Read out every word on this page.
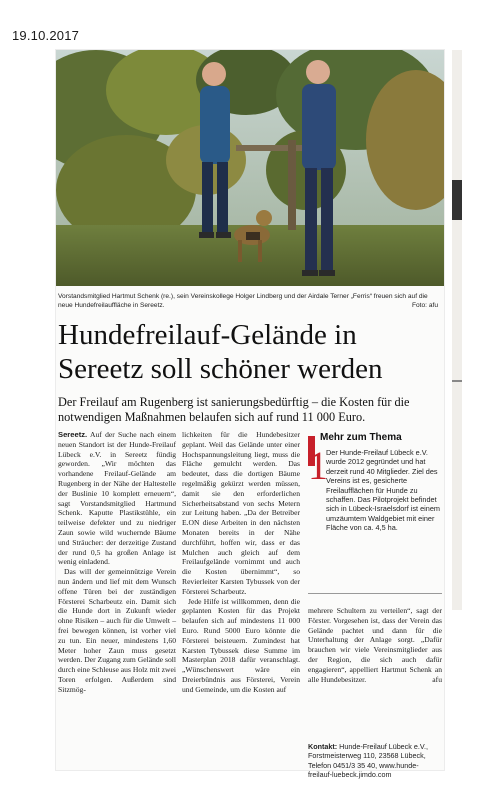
19.10.2017
Vorstandsmitglied Hartmut Schenk (re.), sein Vereinskollege Holger Lindberg und der Airdale Terner „Ferris“ freuen sich auf die neue Hundefreilauffläche in Sereetz.	Foto: afu
Hundefreilauf-Gelände in Sereetz soll schöner werden
Der Freilauf am Rugenberg ist sanierungsbedürftig – die Kosten für die notwendigen Maßnahmen belaufen sich auf rund 11 000 Euro.

Sereetz. Auf der Suche nach einem neuen Standort ist der Hunde-Freilauf Lübeck e.V. in Sereetz fündig geworden. „Wir möchten das vorhandene Freilauf-Gelände am Rugenberg in der Nähe der Haltestelle der Buslinie 10 komplett erneuern“, sagt Vorstandsmitglied Hartmund Schenk. Kaputte Plastikstühle, ein teilweise defekter und zu niedriger Zaun sowie wild wuchernde Bäume und Sträucher: der derzeitige Zustand der rund 0,5 ha großen Anlage ist wenig einladend.

Das will der gemeinnützige Verein nun ändern und lief mit dem Wunsch offene Türen bei der zuständigen Försterei Scharbeutz ein. Damit sich die Hunde dort in Zukunft wieder ohne Risiken – auch für die Umwelt – frei bewegen können, ist vorher viel zu tun. Ein neuer, mindestens 1,60 Meter hoher Zaun muss gesetzt werden. Der Zugang zum Gelände soll durch eine Schleuse aus Holz mit zwei Toren erfolgen. Außerdem sind Sitzmög-

lichkeiten für die Hundebesitzer geplant. Weil das Gelände unter einer Hochspannungsleitung liegt, muss die Fläche gemulcht werden. Das bedeutet, dass die dortigen Bäume regelmäßig gekürzt werden müssen, damit sie den erforderlichen Sicherheitsabstand von sechs Metern zur Leitung haben. „Da der Betreiber E.ON diese Arbeiten in den nächsten Monaten bereits in der Nähe durchführt, hoffen wir, dass er das Mulchen auch gleich auf dem Freilaufgelände vornimmt und auch die Kosten übernimmt“, so Revierleiter Karsten Tybussek von der Försterei Scharbeutz.

Jede Hilfe ist willkommen, denn die geplanten Kosten für das Projekt belaufen sich auf mindestens 11 000 Euro. Rund 5000 Euro könnte die Försterei beisteuern. Zumindest hat Karsten Tybussek diese Summe im Masterplan 2018 dafür veranschlagt. „Wünschenswert wäre ein Dreierbündnis aus Försterei, Verein und Gemeinde, um die Kosten auf

Mehr zum Thema
1
Der Hunde-Freilauf Lübeck e.V. wurde 2012 gegründet und hat derzeit rund 40 Mitglieder. Ziel des Vereins ist es, gesicherte Freilaufflächen für Hunde zu schaffen. Das Pilotprojekt befindet sich in Lübeck-Israelsdorf ist einem umzäumtem Waldgebiet mit einer Fläche von ca. 4,5 ha.

mehrere Schultern zu verteilen“, sagt der Förster. Vorgesehen ist, dass der Verein das Gelände pachtet und dann für die Unterhaltung der Anlage sorgt. „Dafür brauchen wir viele Vereinsmitglieder aus der Region, die sich auch dafür engagieren“, appelliert Hartmut Schenk an alle Hundebesitzer.	afu

Kontakt: Hunde-Freilauf Lübeck e.V., Forstmeisterweg 110, 23568 Lübeck, Telefon 0451/3 35 40, www.hunde-freilauf-luebeck.jimdo.com
